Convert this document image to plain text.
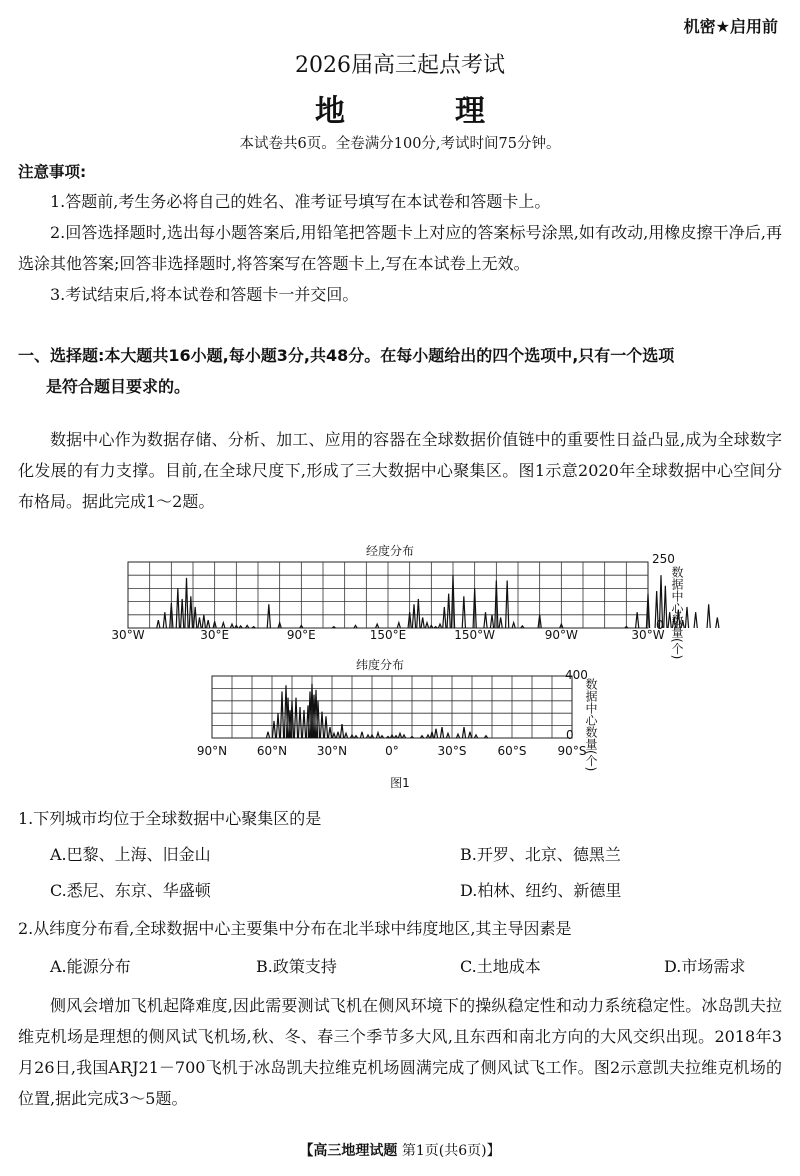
机密★启用前
2026届高三起点考试
地　理
本试卷共6页。全卷满分100分,考试时间75分钟。
注意事项:

1.答题前,考生务必将自己的姓名、准考证号填写在本试卷和答题卡上。

2.回答选择题时,选出每小题答案后,用铅笔把答题卡上对应的答案标号涂黑,如有改动,用橡皮擦干净后,再选涂其他答案;回答非选择题时,将答案写在答题卡上,写在本试卷上无效。

3.考试结束后,将本试卷和答题卡一并交回。

一、选择题:本大题共16小题,每小题3分,共48分。在每小题给出的四个选项中,只有一个选项
是符合题目要求的。

数据中心作为数据存储、分析、加工、应用的容器在全球数据价值链中的重要性日益凸显,成为全球数字化发展的有力支撑。目前,在全球尺度下,形成了三大数据中心聚集区。图1示意2020年全球数据中心空间分布格局。据此完成1～2题。

经度分布
250
0 数据中心数量(个)
纬度分布
400
0 数据中心数量(个)
图1
1.下列城市均位于全球数据中心聚集区的是
A.巴黎、上海、旧金山	B.开罗、北京、德黑兰
C.悉尼、东京、华盛顿	D.柏林、纽约、新德里
2.从纬度分布看,全球数据中心主要集中分布在北半球中纬度地区,其主导因素是
A.能源分布	B.政策支持	C.土地成本	D.市场需求

侧风会增加飞机起降难度,因此需要测试飞机在侧风环境下的操纵稳定性和动力系统稳定性。冰岛凯夫拉维克机场是理想的侧风试飞机场,秋、冬、春三个季节多大风,且东西和南北方向的大风交织出现。2018年3月26日,我国ARJ21－700飞机于冰岛凯夫拉维克机场圆满完成了侧风试飞工作。图2示意凯夫拉维克机场的位置,据此完成3～5题。

【高三地理试题 第1页(共6页)】
30°W	30°E	90°E	150°E	150°W	90°W	30°W
90°N	60°N	30°N	0°	30°S	60°S	90°S
